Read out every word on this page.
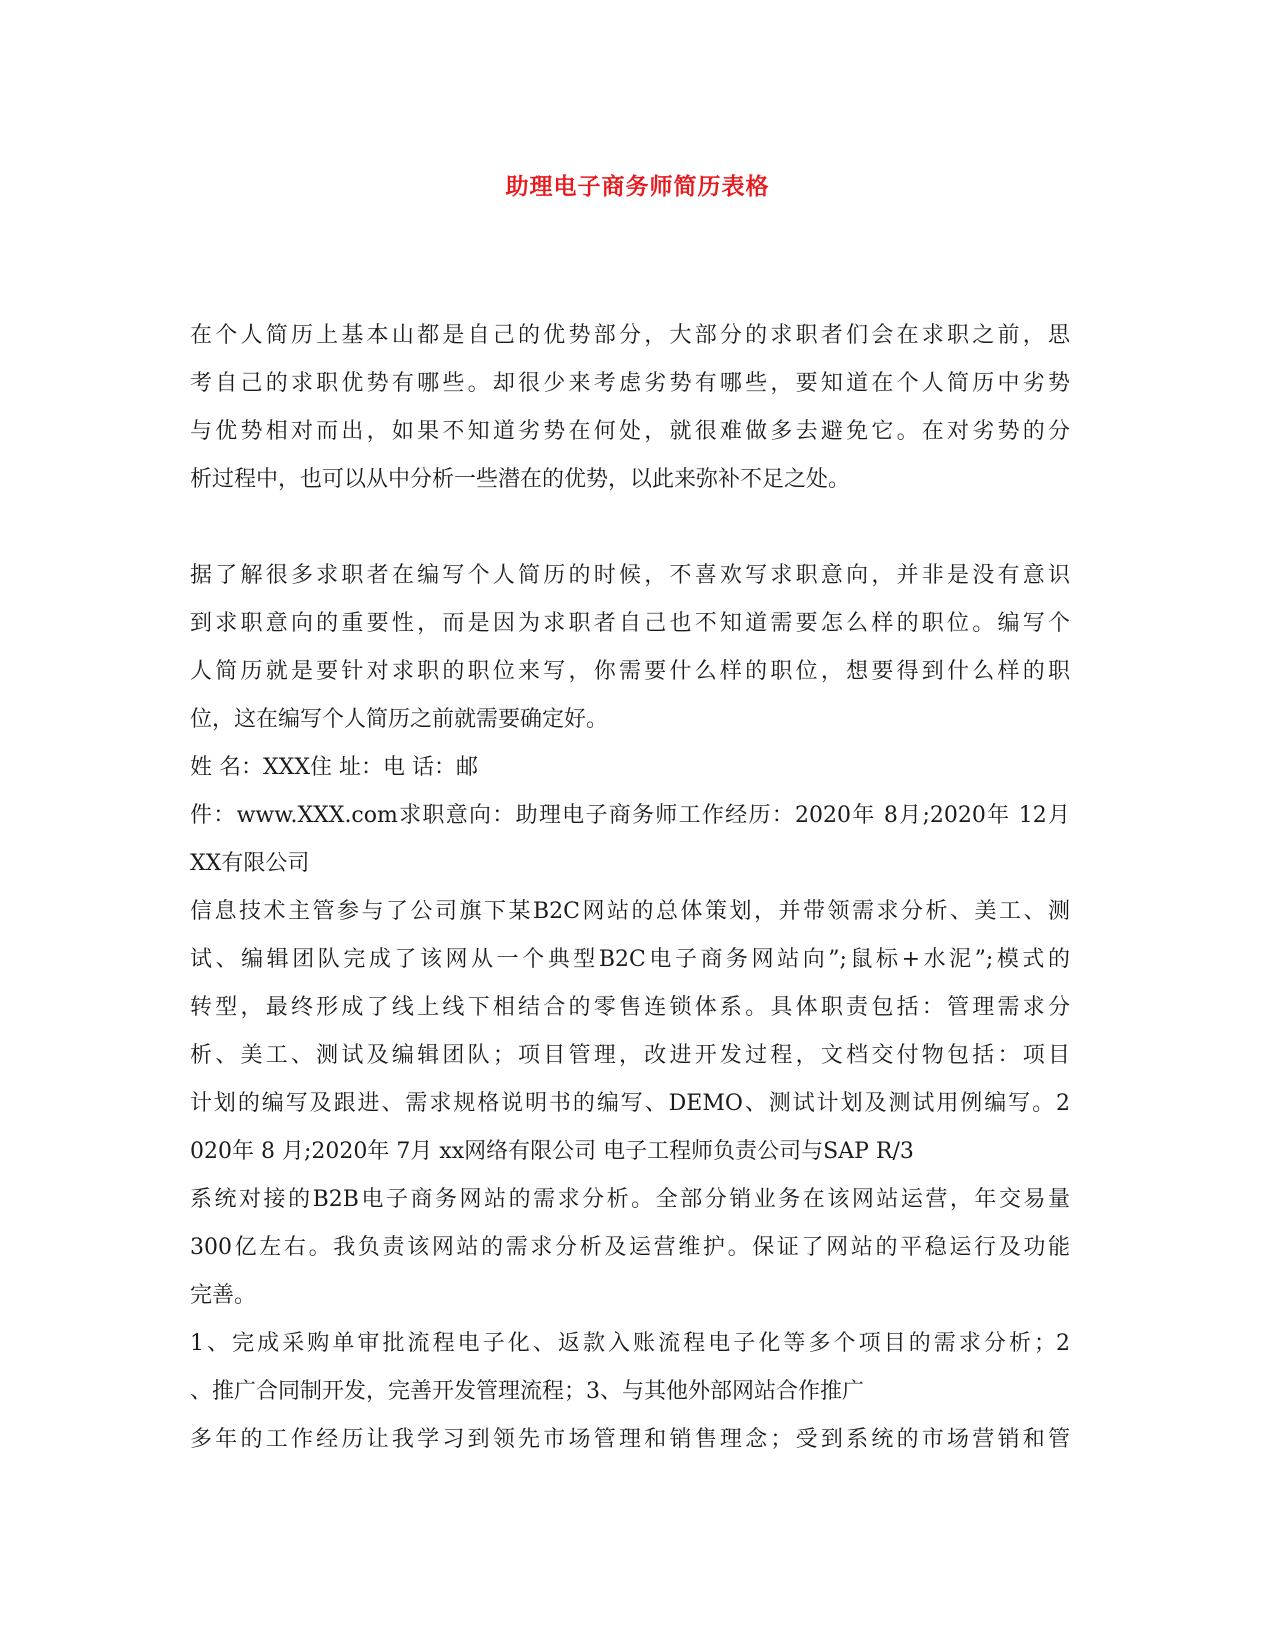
助理电子商务师简历表格
在个人简历上基本山都是自己的优势部分，大部分的求职者们会在求职之前，思
考自己的求职优势有哪些。却很少来考虑劣势有哪些，要知道在个人简历中劣势
与优势相对而出，如果不知道劣势在何处，就很难做多去避免它。在对劣势的分
析过程中，也可以从中分析一些潜在的优势，以此来弥补不足之处。
据了解很多求职者在编写个人简历的时候，不喜欢写求职意向，并非是没有意识
到求职意向的重要性，而是因为求职者自己也不知道需要怎么样的职位。编写个
人简历就是要针对求职的职位来写，你需要什么样的职位，想要得到什么样的职
位，这在编写个人简历之前就需要确定好。
姓 名：XXX住 址：电 话：邮
件：www.XXX.com求职意向：助理电子商务师工作经历：2020年 8月;2020年 12月
XX有限公司
信息技术主管参与了公司旗下某B2C网站的总体策划，并带领需求分析、美工、测
试、编辑团队完成了该网从一个典型B2C电子商务网站向”;鼠标+水泥”;模式的
转型，最终形成了线上线下相结合的零售连锁体系。具体职责包括：管理需求分
析、美工、测试及编辑团队；项目管理，改进开发过程，文档交付物包括：项目
计划的编写及跟进、需求规格说明书的编写、DEMO、测试计划及测试用例编写。2
020年 8 月;2020年 7月 xx网络有限公司 电子工程师负责公司与SAP R/3
系统对接的B2B电子商务网站的需求分析。全部分销业务在该网站运营，年交易量
300亿左右。我负责该网站的需求分析及运营维护。保证了网站的平稳运行及功能
完善。
1、完成采购单审批流程电子化、返款入账流程电子化等多个项目的需求分析；2
、推广合同制开发，完善开发管理流程；3、与其他外部网站合作推广
多年的工作经历让我学习到领先市场管理和销售理念；受到系统的市场营销和管
